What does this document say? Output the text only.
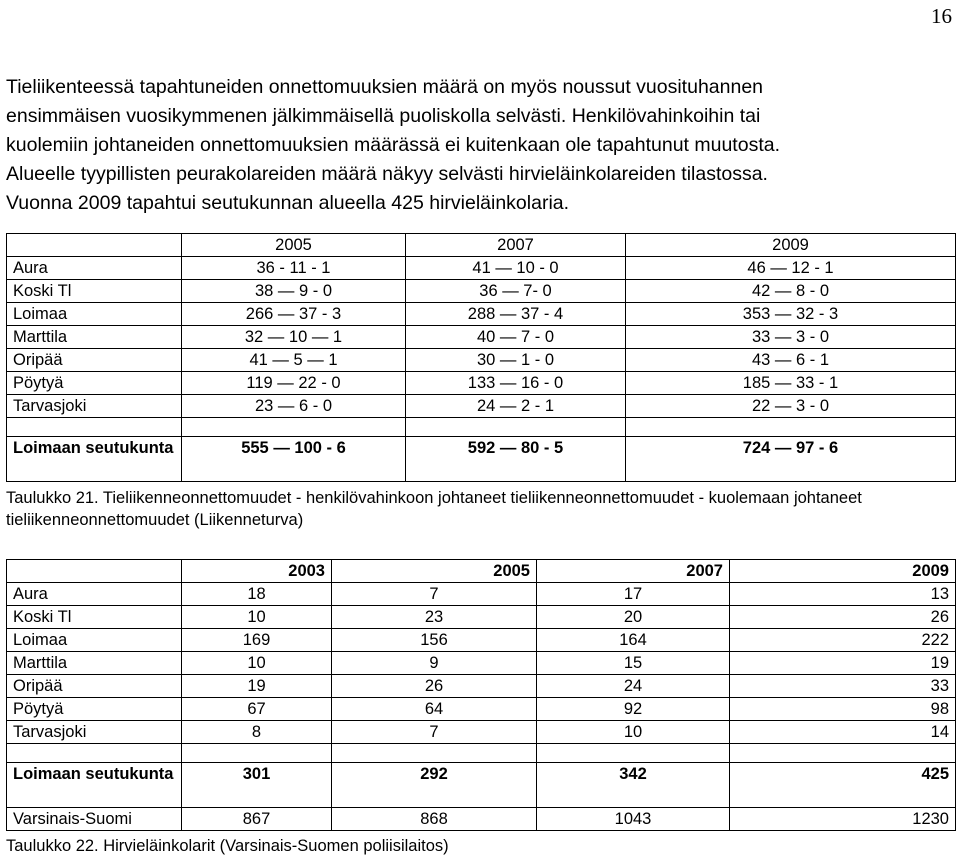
16

Tieliikenteessä tapahtuneiden onnettomuuksien määrä on myös noussut vuosituhannen

ensimmäisen vuosikymmenen jälkimmäisellä puoliskolla selvästi. Henkilövahinkoihin tai

kuolemiin johtaneiden onnettomuuksien määrässä ei kuitenkaan ole tapahtunut muutosta.

Alueelle tyypillisten peurakolareiden määrä näkyy selvästi hirvieläinkolareiden tilastossa.

Vuonna 2009 tapahtui seutukunnan alueella 425 hirvieläinkolaria.

	2005	2007	2009
Aura	36 - 11 - 1	41 — 10 - 0	46 — 12 - 1
Koski Tl	38 — 9 - 0	36 — 7- 0	42 — 8 - 0
Loimaa	266 — 37 - 3	288 — 37 - 4	353 — 32 - 3
Marttila	32 — 10 — 1	40 — 7 - 0	33 — 3 - 0
Oripää	41 — 5 — 1	30 — 1 - 0	43 — 6 - 1
Pöytyä	119 — 22 - 0	133 — 16 - 0	185 — 33 - 1
Tarvasjoki	23 — 6 - 0	24 — 2 - 1	22 — 3 - 0

Loimaan seutukunta	555 — 100 - 6	592 — 80 - 5	724 — 97 - 6

Taulukko 21. Tieliikenneonnettomuudet - henkilövahinkoon johtaneet tieliikenneonnettomuudet - kuolemaan johtaneet tieliikenneonnettomuudet (Liikenneturva)

	2003	2005	2007	2009
Aura	18	7	17	13
Koski Tl	10	23	20	26
Loimaa	169	156	164	222
Marttila	10	9	15	19
Oripää	19	26	24	33
Pöytyä	67	64	92	98
Tarvasjoki	8	7	10	14

Loimaan seutukunta	301	292	342	425
Varsinais-Suomi	867	868	1043	1230

Taulukko 22. Hirvieläinkolarit (Varsinais-Suomen poliisilaitos)
